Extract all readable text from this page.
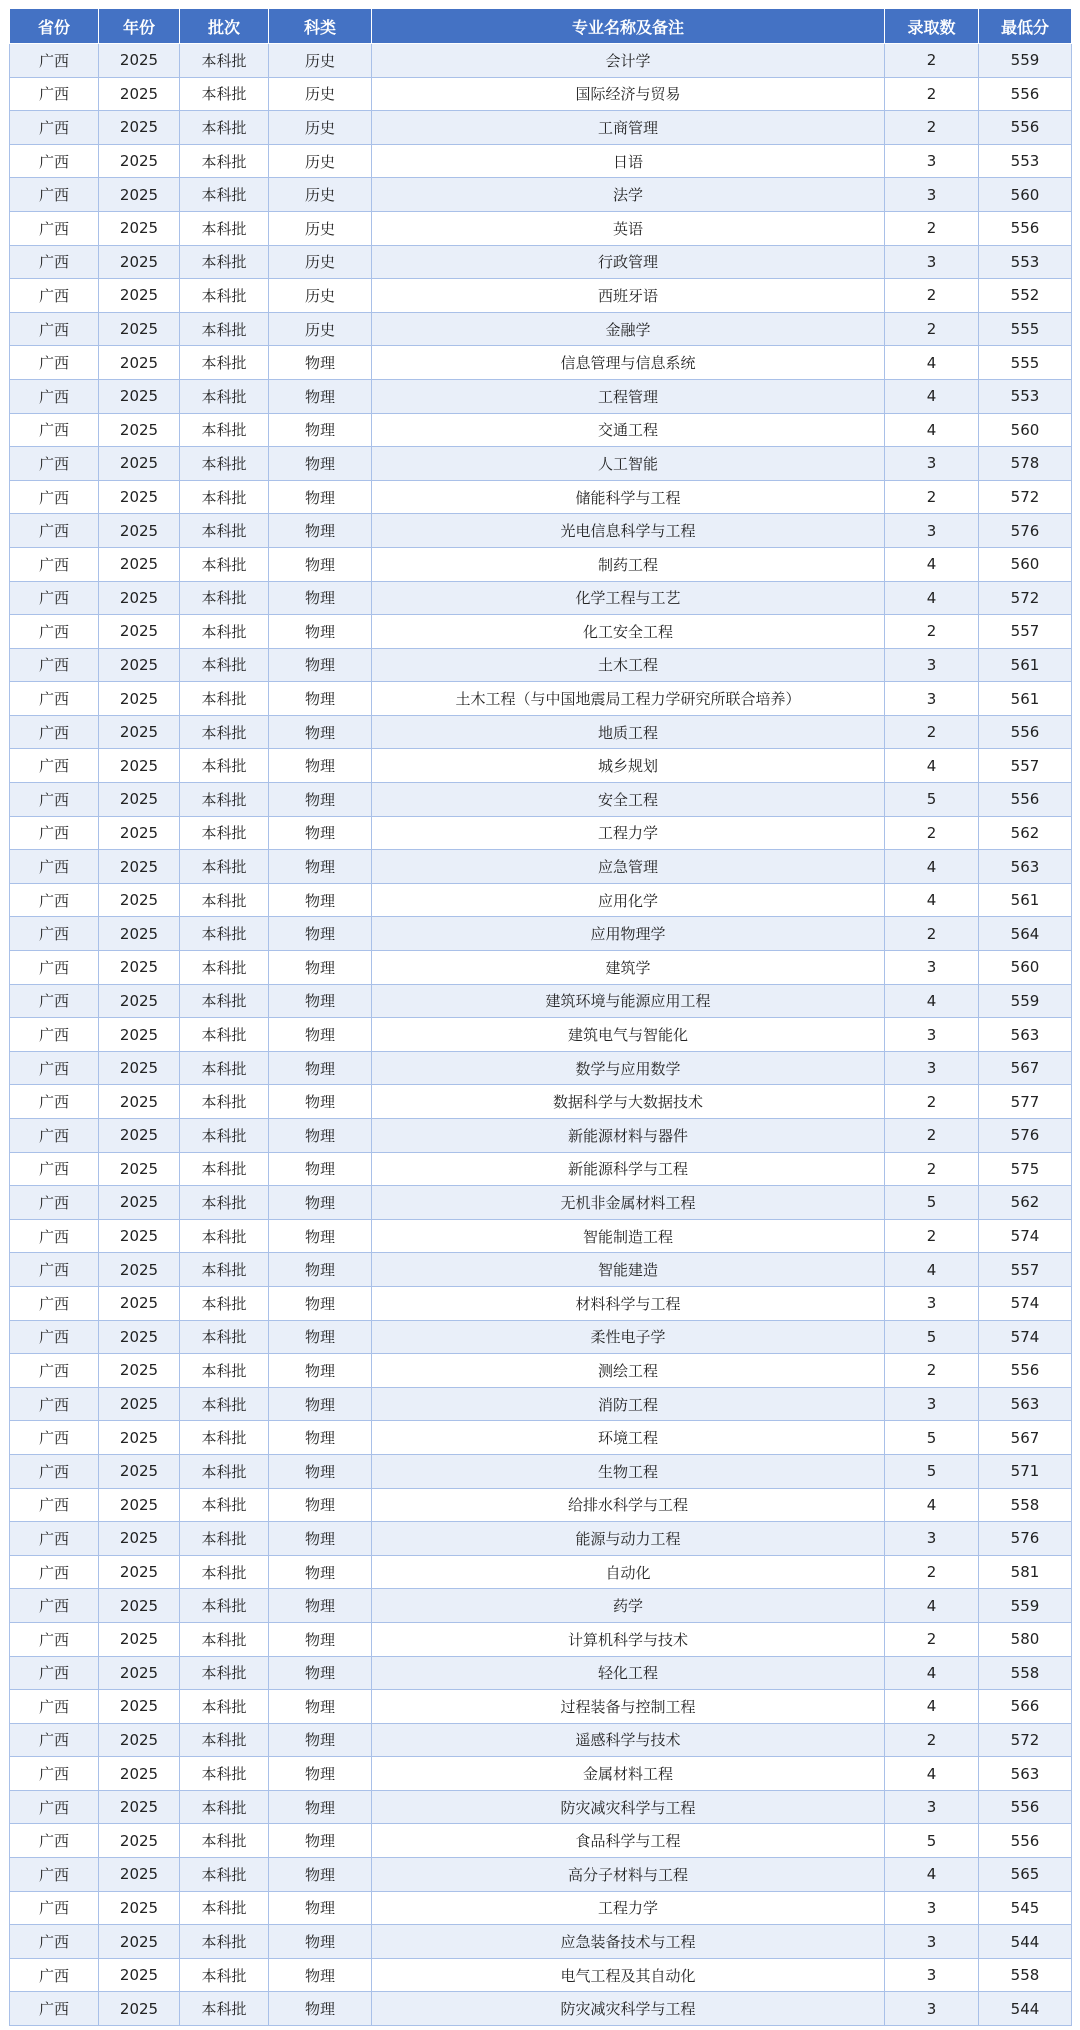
省份	年份	批次	科类	专业名称及备注	录取数	最低分
广西	2025	本科批	历史	会计学	2	559
广西	2025	本科批	历史	国际经济与贸易	2	556
广西	2025	本科批	历史	工商管理	2	556
广西	2025	本科批	历史	日语	3	553
广西	2025	本科批	历史	法学	3	560
广西	2025	本科批	历史	英语	2	556
广西	2025	本科批	历史	行政管理	3	553
广西	2025	本科批	历史	西班牙语	2	552
广西	2025	本科批	历史	金融学	2	555
广西	2025	本科批	物理	信息管理与信息系统	4	555
广西	2025	本科批	物理	工程管理	4	553
广西	2025	本科批	物理	交通工程	4	560
广西	2025	本科批	物理	人工智能	3	578
广西	2025	本科批	物理	储能科学与工程	2	572
广西	2025	本科批	物理	光电信息科学与工程	3	576
广西	2025	本科批	物理	制药工程	4	560
广西	2025	本科批	物理	化学工程与工艺	4	572
广西	2025	本科批	物理	化工安全工程	2	557
广西	2025	本科批	物理	土木工程	3	561
广西	2025	本科批	物理	土木工程（与中国地震局工程力学研究所联合培养）	3	561
广西	2025	本科批	物理	地质工程	2	556
广西	2025	本科批	物理	城乡规划	4	557
广西	2025	本科批	物理	安全工程	5	556
广西	2025	本科批	物理	工程力学	2	562
广西	2025	本科批	物理	应急管理	4	563
广西	2025	本科批	物理	应用化学	4	561
广西	2025	本科批	物理	应用物理学	2	564
广西	2025	本科批	物理	建筑学	3	560
广西	2025	本科批	物理	建筑环境与能源应用工程	4	559
广西	2025	本科批	物理	建筑电气与智能化	3	563
广西	2025	本科批	物理	数学与应用数学	3	567
广西	2025	本科批	物理	数据科学与大数据技术	2	577
广西	2025	本科批	物理	新能源材料与器件	2	576
广西	2025	本科批	物理	新能源科学与工程	2	575
广西	2025	本科批	物理	无机非金属材料工程	5	562
广西	2025	本科批	物理	智能制造工程	2	574
广西	2025	本科批	物理	智能建造	4	557
广西	2025	本科批	物理	材料科学与工程	3	574
广西	2025	本科批	物理	柔性电子学	5	574
广西	2025	本科批	物理	测绘工程	2	556
广西	2025	本科批	物理	消防工程	3	563
广西	2025	本科批	物理	环境工程	5	567
广西	2025	本科批	物理	生物工程	5	571
广西	2025	本科批	物理	给排水科学与工程	4	558
广西	2025	本科批	物理	能源与动力工程	3	576
广西	2025	本科批	物理	自动化	2	581
广西	2025	本科批	物理	药学	4	559
广西	2025	本科批	物理	计算机科学与技术	2	580
广西	2025	本科批	物理	轻化工程	4	558
广西	2025	本科批	物理	过程装备与控制工程	4	566
广西	2025	本科批	物理	遥感科学与技术	2	572
广西	2025	本科批	物理	金属材料工程	4	563
广西	2025	本科批	物理	防灾减灾科学与工程	3	556
广西	2025	本科批	物理	食品科学与工程	5	556
广西	2025	本科批	物理	高分子材料与工程	4	565
广西	2025	本科批	物理	工程力学	3	545
广西	2025	本科批	物理	应急装备技术与工程	3	544
广西	2025	本科批	物理	电气工程及其自动化	3	558
广西	2025	本科批	物理	防灾减灾科学与工程	3	544
